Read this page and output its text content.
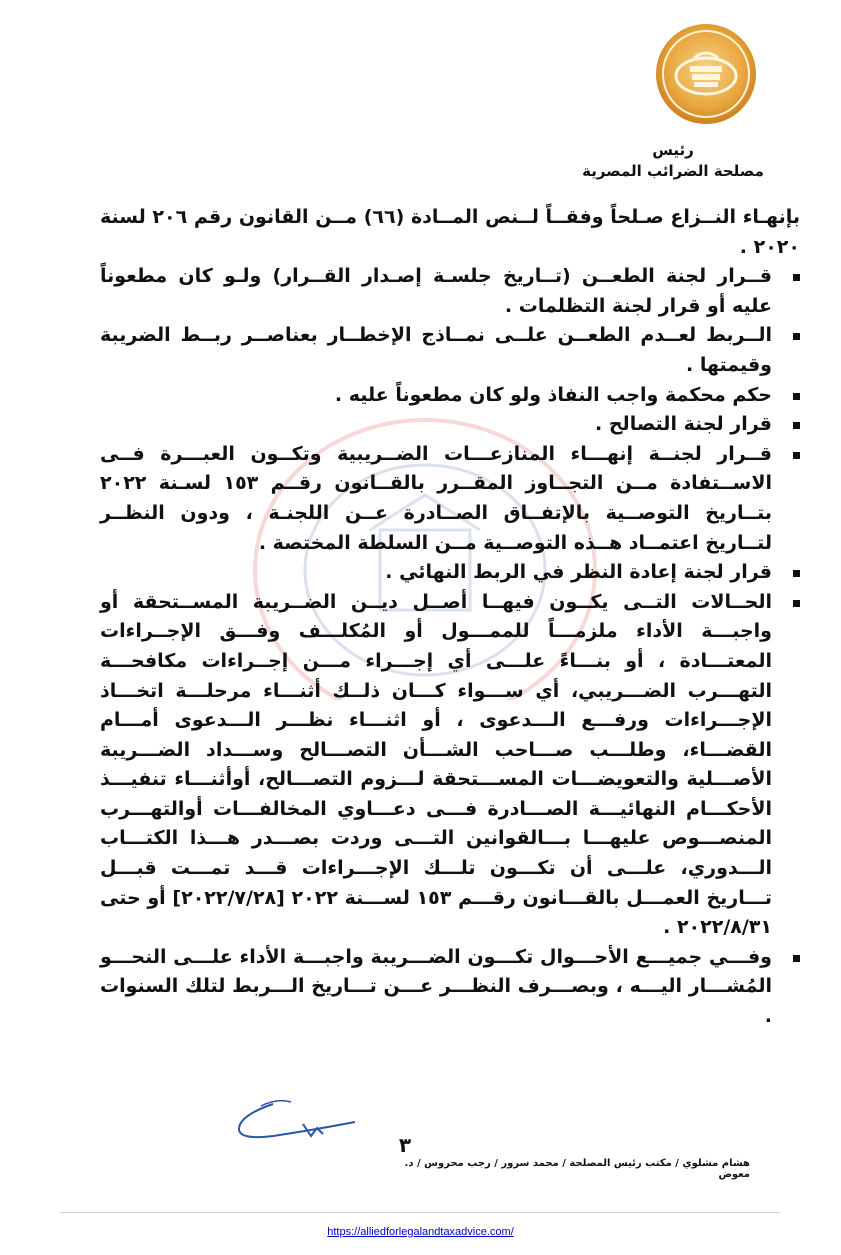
رئيس
مصلحة الضرائب المصرية

بإنهـاء النــزاع صـلحاً وفقــاً لــنص المــادة (٦٦) مــن القانون رقم ٢٠٦ لسنة ٢٠٢٠ .

قــرار لجنة الطعــن (تــاريخ جلسـة إصـدار القــرار) ولـو كان مطعوناً عليه أو قرار لجنة التظلمات .
الــربط لعــدم الطعــن علــى نمــاذج الإخطــار بعناصــر ربــط الضريبة وقيمتها .
حكم محكمة واجب النفاذ ولو كان مطعوناً عليه .
قرار لجنة التصالح .
قــرار لجنــة إنهـــاء المنازعـــات الضــريبية وتكــون العبـــرة فــى الاســتفادة مــن التجــاوز المقــرر بالقــانون رقــم ١٥٣ لسـنة ٢٠٢٢ بتــاريخ التوصــية بالإتفــاق الصــادرة عــن اللجنـة ، ودون النظــر لتــاريخ اعتمــاد هــذه التوصــية مــن السلطة المختصة .
قرار لجنة إعادة النظر في الربط النهائي .
الحــالات التــى يكــون فيهــا أصــل ديــن الضــريبة المســتحقة أو واجبـــة الأداء ملزمـــاً للممـــول أو المُكلـــف وفـــق الإجــراءات المعتـــادة ، أو بنـــاءً علـــى أي إجـــراء مـــن إجــراءات مكافحـــة التهـــرب الضـــريبي، أي ســـواء كـــان ذلــك أثنـــاء مرحلـــة اتخـــاذ الإجـــراءات ورفـــع الـــدعوى ، أو اثنـــاء نظـــر الـــدعوى أمـــام القضـــاء، وطلـــب صـــاحب الشـــأن التصـــالح وســـداد الضـــريبة الأصـــلية والتعويضـــات المســـتحقة لـــزوم التصـــالح، أوأثنـــاء تنفيـــذ الأحكـــام النهائيـــة الصـــادرة فـــى دعـــاوي المخالفـــات أوالتهـــرب المنصـــوص عليهـــا بـــالقوانين التـــى وردت بصـــدر هـــذا الكتـــاب الـــدوري، علـــى أن تكـــون تلـــك الإجـــراءات قـــد تمـــت قبـــل تـــاريخ العمـــل بالقـــانون رقـــم ١٥٣ لســـنة ٢٠٢٢ [٢٠٢٢/٧/٢٨] أو حتى ٢٠٢٢/٨/٣١ .
وفـــي جميـــع الأحـــوال تكـــون الضـــريبة واجبـــة الأداء علـــى النحـــو المُشـــار اليـــه ، وبصـــرف النظـــر عـــن تـــاريخ الـــربط لتلك السنوات .
٣
هشام مشلوي / مكتب رئيس المصلحة / محمد سرور / رجب محروس / د. معوض
https://alliedforlegalandtaxadvice.com/
